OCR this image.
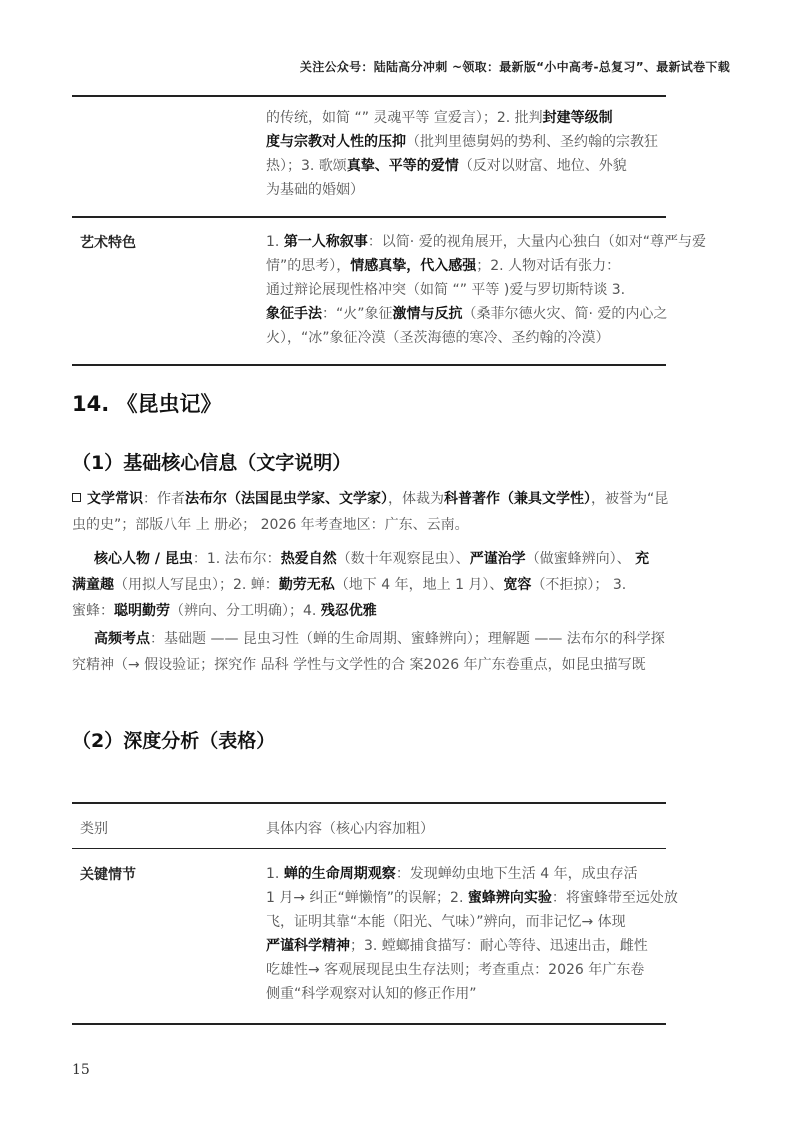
关注公众号：陆陆高分冲刺 ~领取：最新版“小中高考-总复习”、最新试卷下载
的传统，如简 “” 灵魂平等 宣爱言）；2. 批判封建等级制
度与宗教对人性的压抑（批判里德舅妈的势利、圣约翰的宗教狂
热）；3. 歌颂真挚、平等的爱情（反对以财富、地位、外貌
为基础的婚姻）
艺术特色	1. 第一人称叙事：以简· 爱的视角展开，大量内心独白（如对“尊严与爱
情”的思考），情感真挚，代入感强；2. 人物对话有张力：
通过辩论展现性格冲突（如简 “” 平等 )爱与罗切斯特谈 3.
象征手法：“火”象征激情与反抗（桑菲尔德火灾、简· 爱的内心之
火），“冰”象征冷漠（圣茨海德的寒冷、圣约翰的冷漠）
14. 《昆虫记》
（1）基础核心信息（文字说明）
文学常识：作者法布尔（法国昆虫学家、文学家），体裁为科普著作（兼具文学性），被誉为“昆
虫的史”；部版八年 上 册必； 2026 年考查地区：广东、云南。
核心人物 / 昆虫：1. 法布尔：热爱自然（数十年观察昆虫）、严谨治学（做蜜蜂辨向）、 充
满童趣（用拟人写昆虫）；2. 蝉：勤劳无私（地下 4 年，地上 1 月）、宽容（不拒掠）； 3.
蜜蜂：聪明勤劳（辨向、分工明确）；4. 残忍优雅
高频考点：基础题 —— 昆虫习性（蝉的生命周期、蜜蜂辨向）；理解题 —— 法布尔的科学探
究精神（→ 假设验证；探究作 品科 学性与文学性的合 案2026 年广东卷重点，如昆虫描写既
（2）深度分析（表格）
类别	具体内容（核心内容加粗）
关键情节	1. 蝉的生命周期观察：发现蝉幼虫地下生活 4 年，成虫存活
1 月→ 纠正“蝉懒惰”的误解；2. 蜜蜂辨向实验：将蜜蜂带至远处放
飞，证明其靠“本能（阳光、气味）”辨向，而非记忆→ 体现
严谨科学精神；3. 螳螂捕食描写：耐心等待、迅速出击，雌性
吃雄性→ 客观展现昆虫生存法则；考查重点：2026 年广东卷
侧重“科学观察对认知的修正作用”
15
